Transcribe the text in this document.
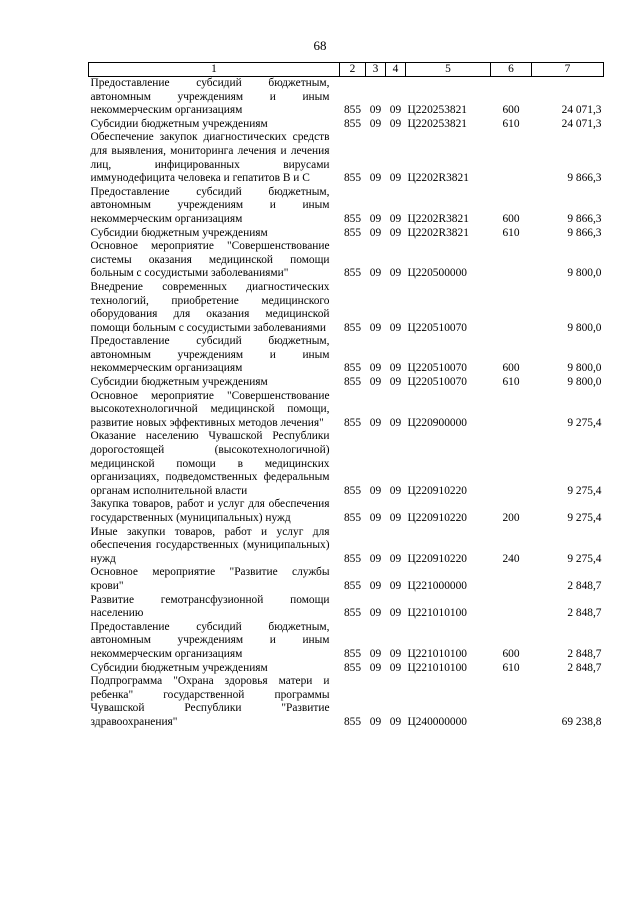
68
1	2	3	4	5	6	7
Предоставление субсидий бюджетным, автономным учреждениям и иным некоммерческим организациям	855	09	09	Ц220253821	600	24 071,3
Субсидии бюджетным учреждениям	855	09	09	Ц220253821	610	24 071,3
Обеспечение закупок диагностических средств для выявления, мониторинга лечения и лечения лиц, инфицированных вирусами иммунодефицита человека и гепатитов В и С	855	09	09	Ц2202R3821		9 866,3
Предоставление субсидий бюджетным, автономным учреждениям и иным некоммерческим организациям	855	09	09	Ц2202R3821	600	9 866,3
Субсидии бюджетным учреждениям	855	09	09	Ц2202R3821	610	9 866,3
Основное мероприятие "Совершенствование системы оказания медицинской помощи больным с сосудистыми заболеваниями"	855	09	09	Ц220500000		9 800,0
Внедрение современных диагностических технологий, приобретение медицинского оборудования для оказания медицинской помощи больным с сосудистыми заболеваниями	855	09	09	Ц220510070		9 800,0
Предоставление субсидий бюджетным, автономным учреждениям и иным некоммерческим организациям	855	09	09	Ц220510070	600	9 800,0
Субсидии бюджетным учреждениям	855	09	09	Ц220510070	610	9 800,0
Основное мероприятие "Совершенствование высокотехнологичной медицинской помощи, развитие новых эффективных методов лечения"	855	09	09	Ц220900000		9 275,4
Оказание населению Чувашской Республики дорогостоящей (высокотехнологичной) медицинской помощи в медицинских организациях, подведомственных федеральным органам исполнительной власти	855	09	09	Ц220910220		9 275,4
Закупка товаров, работ и услуг для обеспечения государственных (муниципальных) нужд	855	09	09	Ц220910220	200	9 275,4
Иные закупки товаров, работ и услуг для обеспечения государственных (муниципальных) нужд	855	09	09	Ц220910220	240	9 275,4
Основное мероприятие "Развитие службы крови"	855	09	09	Ц221000000		2 848,7
Развитие гемотрансфузионной помощи населению	855	09	09	Ц221010100		2 848,7
Предоставление субсидий бюджетным, автономным учреждениям и иным некоммерческим организациям	855	09	09	Ц221010100	600	2 848,7
Субсидии бюджетным учреждениям	855	09	09	Ц221010100	610	2 848,7
Подпрограмма "Охрана здоровья матери и ребенка" государственной программы Чувашской Республики "Развитие здравоохранения"	855	09	09	Ц240000000		69 238,8
